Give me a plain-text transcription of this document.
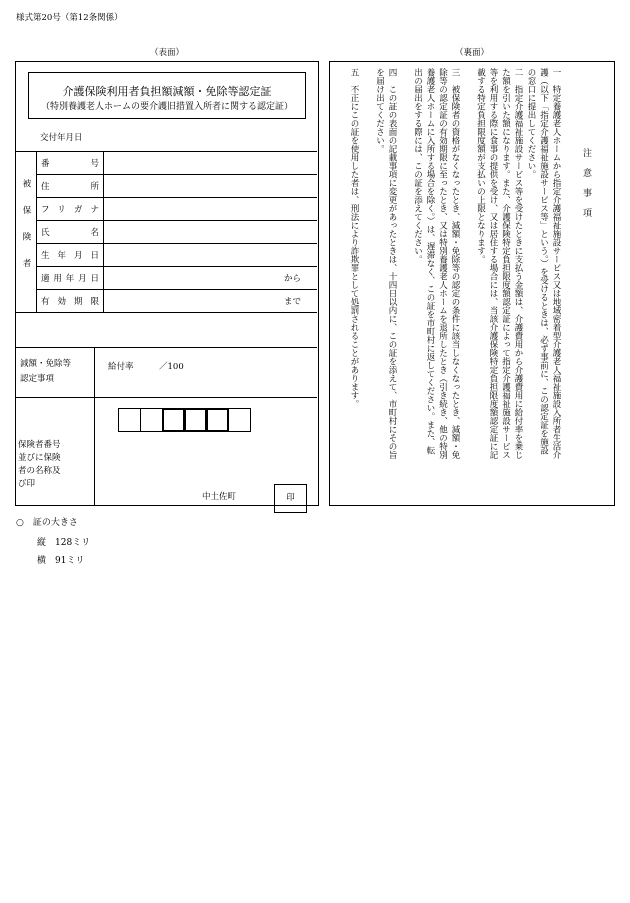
様式第20号（第12条関係）
（表面）	（裏面）
介護保険利用者負担額減額・免除等認定証
（特別養護老人ホームの要介護旧措置入所者に関する認定証）
交付年月日
被保険者	番号	
	住所	
	フリガナ	
	氏名	
	生年月日	
	適用年月日	から
	有効期限	まで
減額・免除等
認定事項
給付率　　　／100
保険者番号
並びに保険
者の名称及
び印
中土佐町	印
注意事項
一　特定養護老人ホームから指定介護福祉施設サービス又は地域密着型介護老人福祉施設入所者生活介護（以下「指定介護福祉施設サービス等」という。）を受けるときは、必ず事前に、この認定証を施設の窓口に提出してください。
二　指定介護福祉施設サービス等を受けたときに支払う金額は、介護費用から介護費用に給付率を乗じた額を引いた額になります。また、介護保険特定負担限度額認定証によって指定介護福祉施設サービス等を利用する際に食事の提供を受け、又は居住する場合には、当該介護保険特定負担限度額認定証に記載する特定負担限度額が支払いの上限となります。
三　被保険者の資格がなくなったとき、減額・免除等の認定の条件に該当しなくなったとき、減額・免除等の認定証の有効期限に至ったとき、又は特別養護老人ホームを退所したとき（引き続き、他の特別養護老人ホームに入所する場合を除く。）は、遅滞なく、この証を市町村に返してください。また、転出の届出をする際には、この証を添えてください。
四　この証の表面の記載事項に変更があったときは、十四日以内に、この証を添えて、市町村にその旨を届け出てください。
五　不正にこの証を使用した者は、刑法により詐欺罪として処罰されることがあります。
○　証の大きさ
縦　128ミリ
横　91ミリ
